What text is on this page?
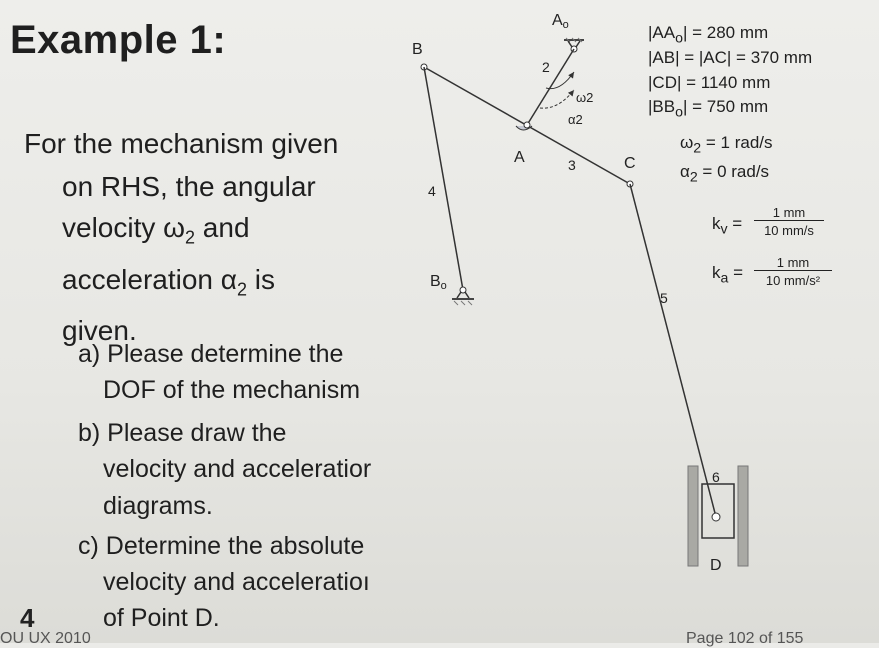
Example 1:
For the mechanism given
on RHS, the angular
velocity $\omega_2$ and
acceleration $\alpha_2$ is
given.
a) Please determine the
DOF of the mechanism
b) Please draw the
velocity and acceleratior
diagrams.
c) Determine the absolute
velocity and acceleratioı
of Point D.
4
OU UX 2010	Page 102 of 155
$|AA_o| = 280$ mm
|AB| = |AC| = 370 mm
|CD| = 1140 mm
$|BB_o| = 750$ mm
$\omega_2 = 1$ rad/s
$\alpha_2 = 0$ rad/s
$k_v = \frac{1 mm}{10 mm/s}$
$k_a = \frac{1 mm}{\text{10 mm/s²}}$
Ao
B
2
ω2
α2
A	3	C
4
Bo
5
6
D
